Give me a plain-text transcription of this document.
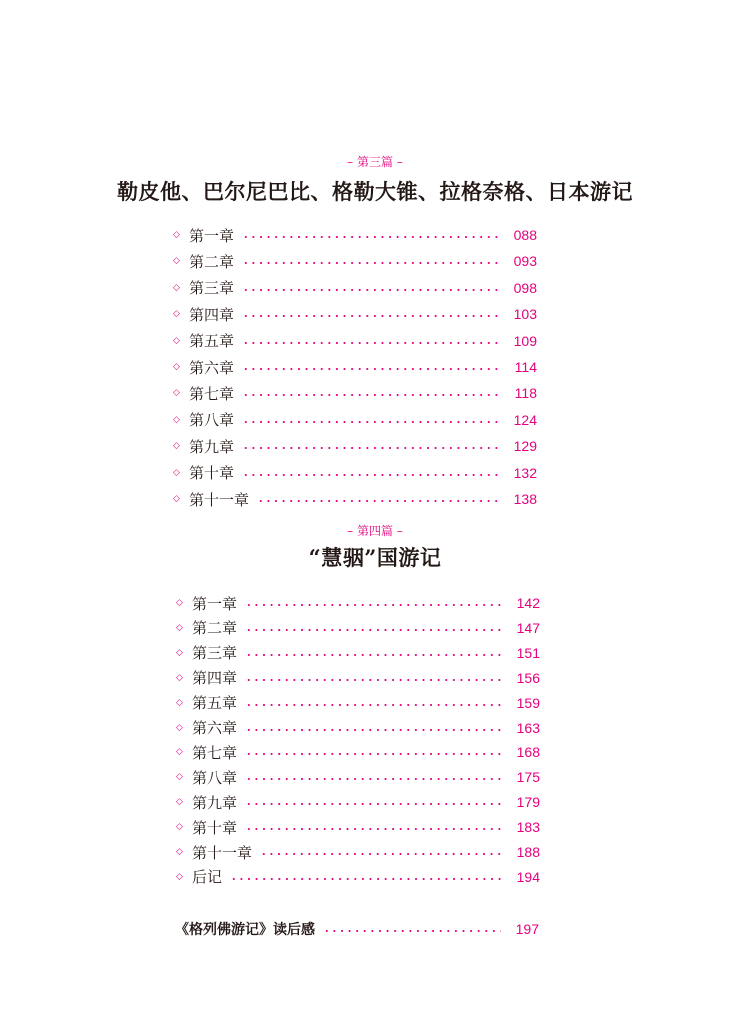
– 第三篇 –
勒皮他、巴尔尼巴比、格勒大锥、拉格奈格、日本游记
◇ 第一章	088
◇ 第二章	093
◇ 第三章	098
◇ 第四章	103
◇ 第五章	109
◇ 第六章	114
◇ 第七章	118
◇ 第八章	124
◇ 第九章	129
◇ 第十章	132
◇ 第十一章	138
– 第四篇 –
“慧骃”国游记
◇ 第一章	142
◇ 第二章	147
◇ 第三章	151
◇ 第四章	156
◇ 第五章	159
◇ 第六章	163
◇ 第七章	168
◇ 第八章	175
◇ 第九章	179
◇ 第十章	183
◇ 第十一章	188
◇ 后记	194
《格列佛游记》读后感	197
